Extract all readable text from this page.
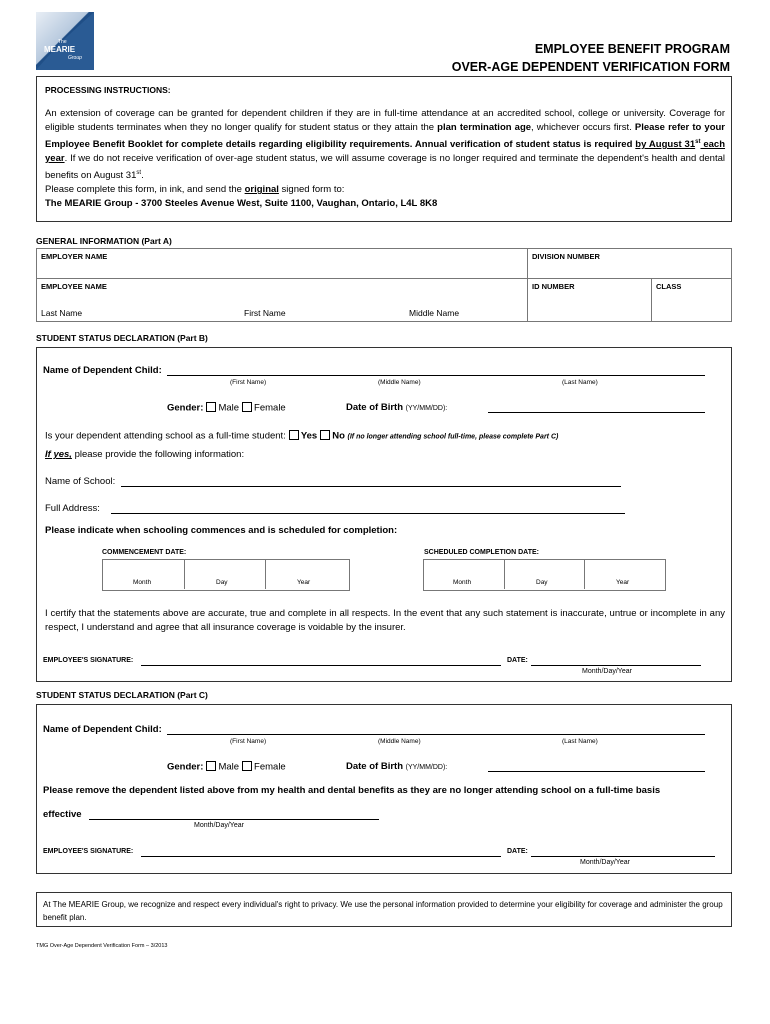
The
MEARIE
Group
EMPLOYEE BENEFIT PROGRAM
OVER-AGE DEPENDENT VERIFICATION FORM
PROCESSING INSTRUCTIONS:
An extension of coverage can be granted for dependent children if they are in full-time attendance at an accredited school, college or university. Coverage for eligible students terminates when they no longer qualify for student status or they attain the plan termination age, whichever occurs first. Please refer to your Employee Benefit Booklet for complete details regarding eligibility requirements. Annual verification of student status is required by August 31st each year. If we do not receive verification of over-age student status, we will assume coverage is no longer required and terminate the dependent's health and dental benefits on August 31st.
Please complete this form, in ink, and send the original signed form to:
The MEARIE Group - 3700 Steeles Avenue West, Suite 1100, Vaughan, Ontario, L4L 8K8
GENERAL INFORMATION (Part A)
EMPLOYER NAME	DIVISION NUMBER
EMPLOYEE NAME
Last Name	First Name	Middle Name
ID NUMBER	CLASS
STUDENT STATUS DECLARATION (Part B)
Name of Dependent Child:
(First Name)	(Middle Name)	(Last Name)
Gender: Male Female	Date of Birth (YY/MM/DD):
Is your dependent attending school as a full-time student: Yes No (If no longer attending school full-time, please complete Part C)
If yes, please provide the following information:
Name of School:
Full Address:
Please indicate when schooling commences and is scheduled for completion:
COMMENCEMENT DATE:	SCHEDULED COMPLETION DATE:
Month	Day	Year	Month	Day	Year
I certify that the statements above are accurate, true and complete in all respects. In the event that any such statement is inaccurate, untrue or incomplete in any respect, I understand and agree that all insurance coverage is voidable by the insurer.
EMPLOYEE'S SIGNATURE:	DATE:
Month/Day/Year
STUDENT STATUS DECLARATION (Part C)
Name of Dependent Child:
(First Name)	(Middle Name)	(Last Name)
Gender: Male Female	Date of Birth (YY/MM/DD):
Please remove the dependent listed above from my health and dental benefits as they are no longer attending school on a full-time basis
effective
Month/Day/Year
EMPLOYEE'S SIGNATURE:	DATE:
Month/Day/Year
At The MEARIE Group, we recognize and respect every individual's right to privacy. We use the personal information provided to determine your eligibility for coverage and administer the group benefit plan.
TMG Over-Age Dependent Verification Form – 3/2013
